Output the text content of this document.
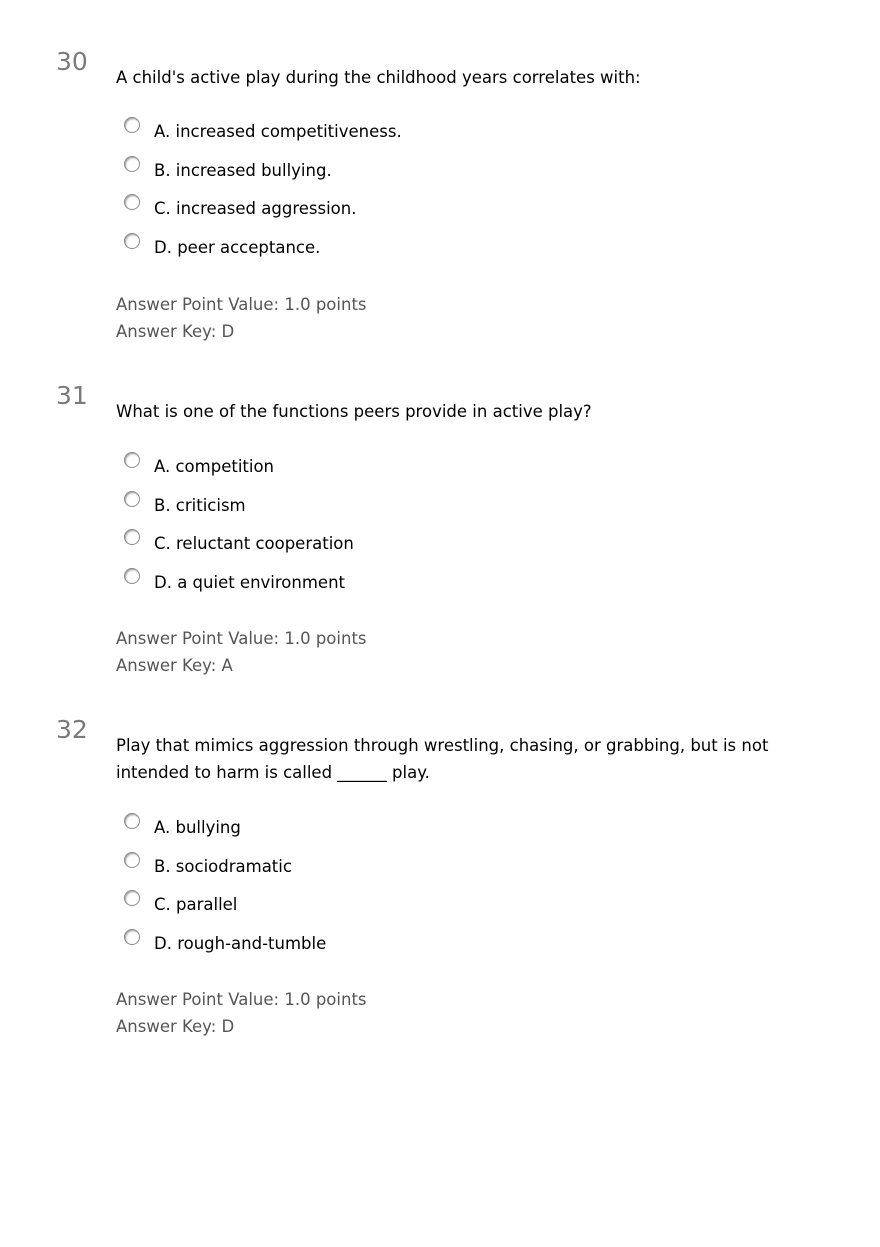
30
A child's active play during the childhood years correlates with:
A. increased competitiveness.
B. increased bullying.
C. increased aggression.
D. peer acceptance.
Answer Point Value: 1.0 points
Answer Key: D
31
What is one of the functions peers provide in active play?
A. competition
B. criticism
C. reluctant cooperation
D. a quiet environment
Answer Point Value: 1.0 points
Answer Key: A
32
Play that mimics aggression through wrestling, chasing, or grabbing, but is not intended to harm is called ______ play.
A. bullying
B. sociodramatic
C. parallel
D. rough-and-tumble
Answer Point Value: 1.0 points
Answer Key: D
